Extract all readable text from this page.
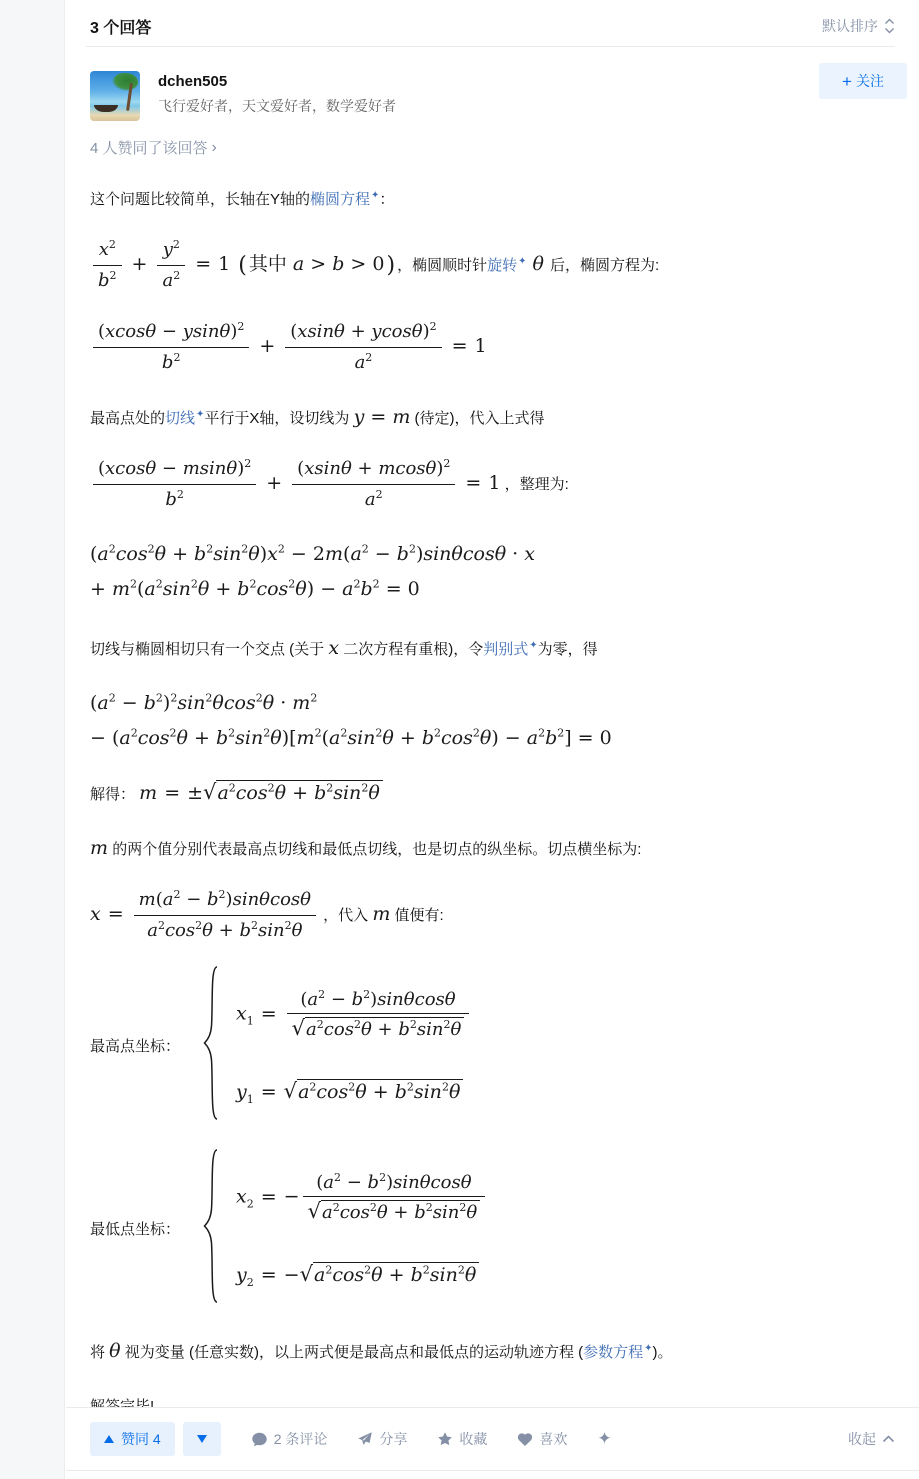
3 个回答	默认排序
dchen505
飞行爱好者，天文爱好者，数学爱好者
+ 关注
4 人赞同了该回答 ›
这个问题比较简单，长轴在Y轴的椭圆方程✦：
$\frac{x^2}{b^2} + \frac{y^2}{a^2} = 1$ ( 其中 a > b > 0) ，椭圆顺时针旋转✦ θ 后，椭圆方程为:
$\frac{(xcos\theta - ysin\theta)^2}{b^2} + \frac{(xsin\theta + ycos\theta)^2}{a^2} = 1$
最高点处的切线✦平行于X轴，设切线为 y = m (待定)，代入上式得
$\frac{(xcos\theta - msin\theta)^2}{b^2} + \frac{(xsin\theta + mcos\theta)^2}{a^2} = 1$ ，整理为:
$(a^2\cos^2\theta + b^2\sin^2\theta)x^2 - 2m(a^2 - b^2)\sin\theta\cos\theta \cdot x$
+ $m^2(a^2\sin^2\theta + b^2\cos^2\theta) - a^2b^2 = 0$
切线与椭圆相切只有一个交点 (关于 x 二次方程有重根)，令判别式✦为零，得
$(a^2 - b^2)^2\sin^2\theta\cos^2\theta \cdot m^2$
− $(a^2\cos^2\theta + b^2\sin^2\theta)[m^2(a^2\sin^2\theta + b^2\cos^2\theta) - a^2b^2] = 0$
解得： $m = \pm√a^2\cos^2\theta + b^2\sin^2\theta$
m 的两个值分别代表最高点切线和最低点切线，也是切点的纵坐标。切点横坐标为:
$x = \frac{m(a^2 - b^2)\sin\theta\cos\theta}{a^2\cos^2\theta + b^2\sin^2\theta}$ ，代入 m 值便有:
最高点坐标：
$x_1 = \frac{(a^2 - b^2)\sin\theta\cos\theta}{√a^2\cos^2\theta + b^2\sin^2\theta}$
$y_1 = √a^2\cos^2\theta + b^2\sin^2\theta$
最低点坐标：
$x_2$ = − $\frac{(a^2 - b^2)\sin\theta\cos\theta}{√a^2\cos^2\theta + b^2\sin^2\theta}$
$y_2 = -√a^2\cos^2\theta + b^2\sin^2\theta$
将 θ 视为变量 (任意实数)，以上两式便是最高点和最低点的运动轨迹方程 (参数方程✦)。
赞同 4	2 条评论	分享	收藏	喜欢 ✦	收起
